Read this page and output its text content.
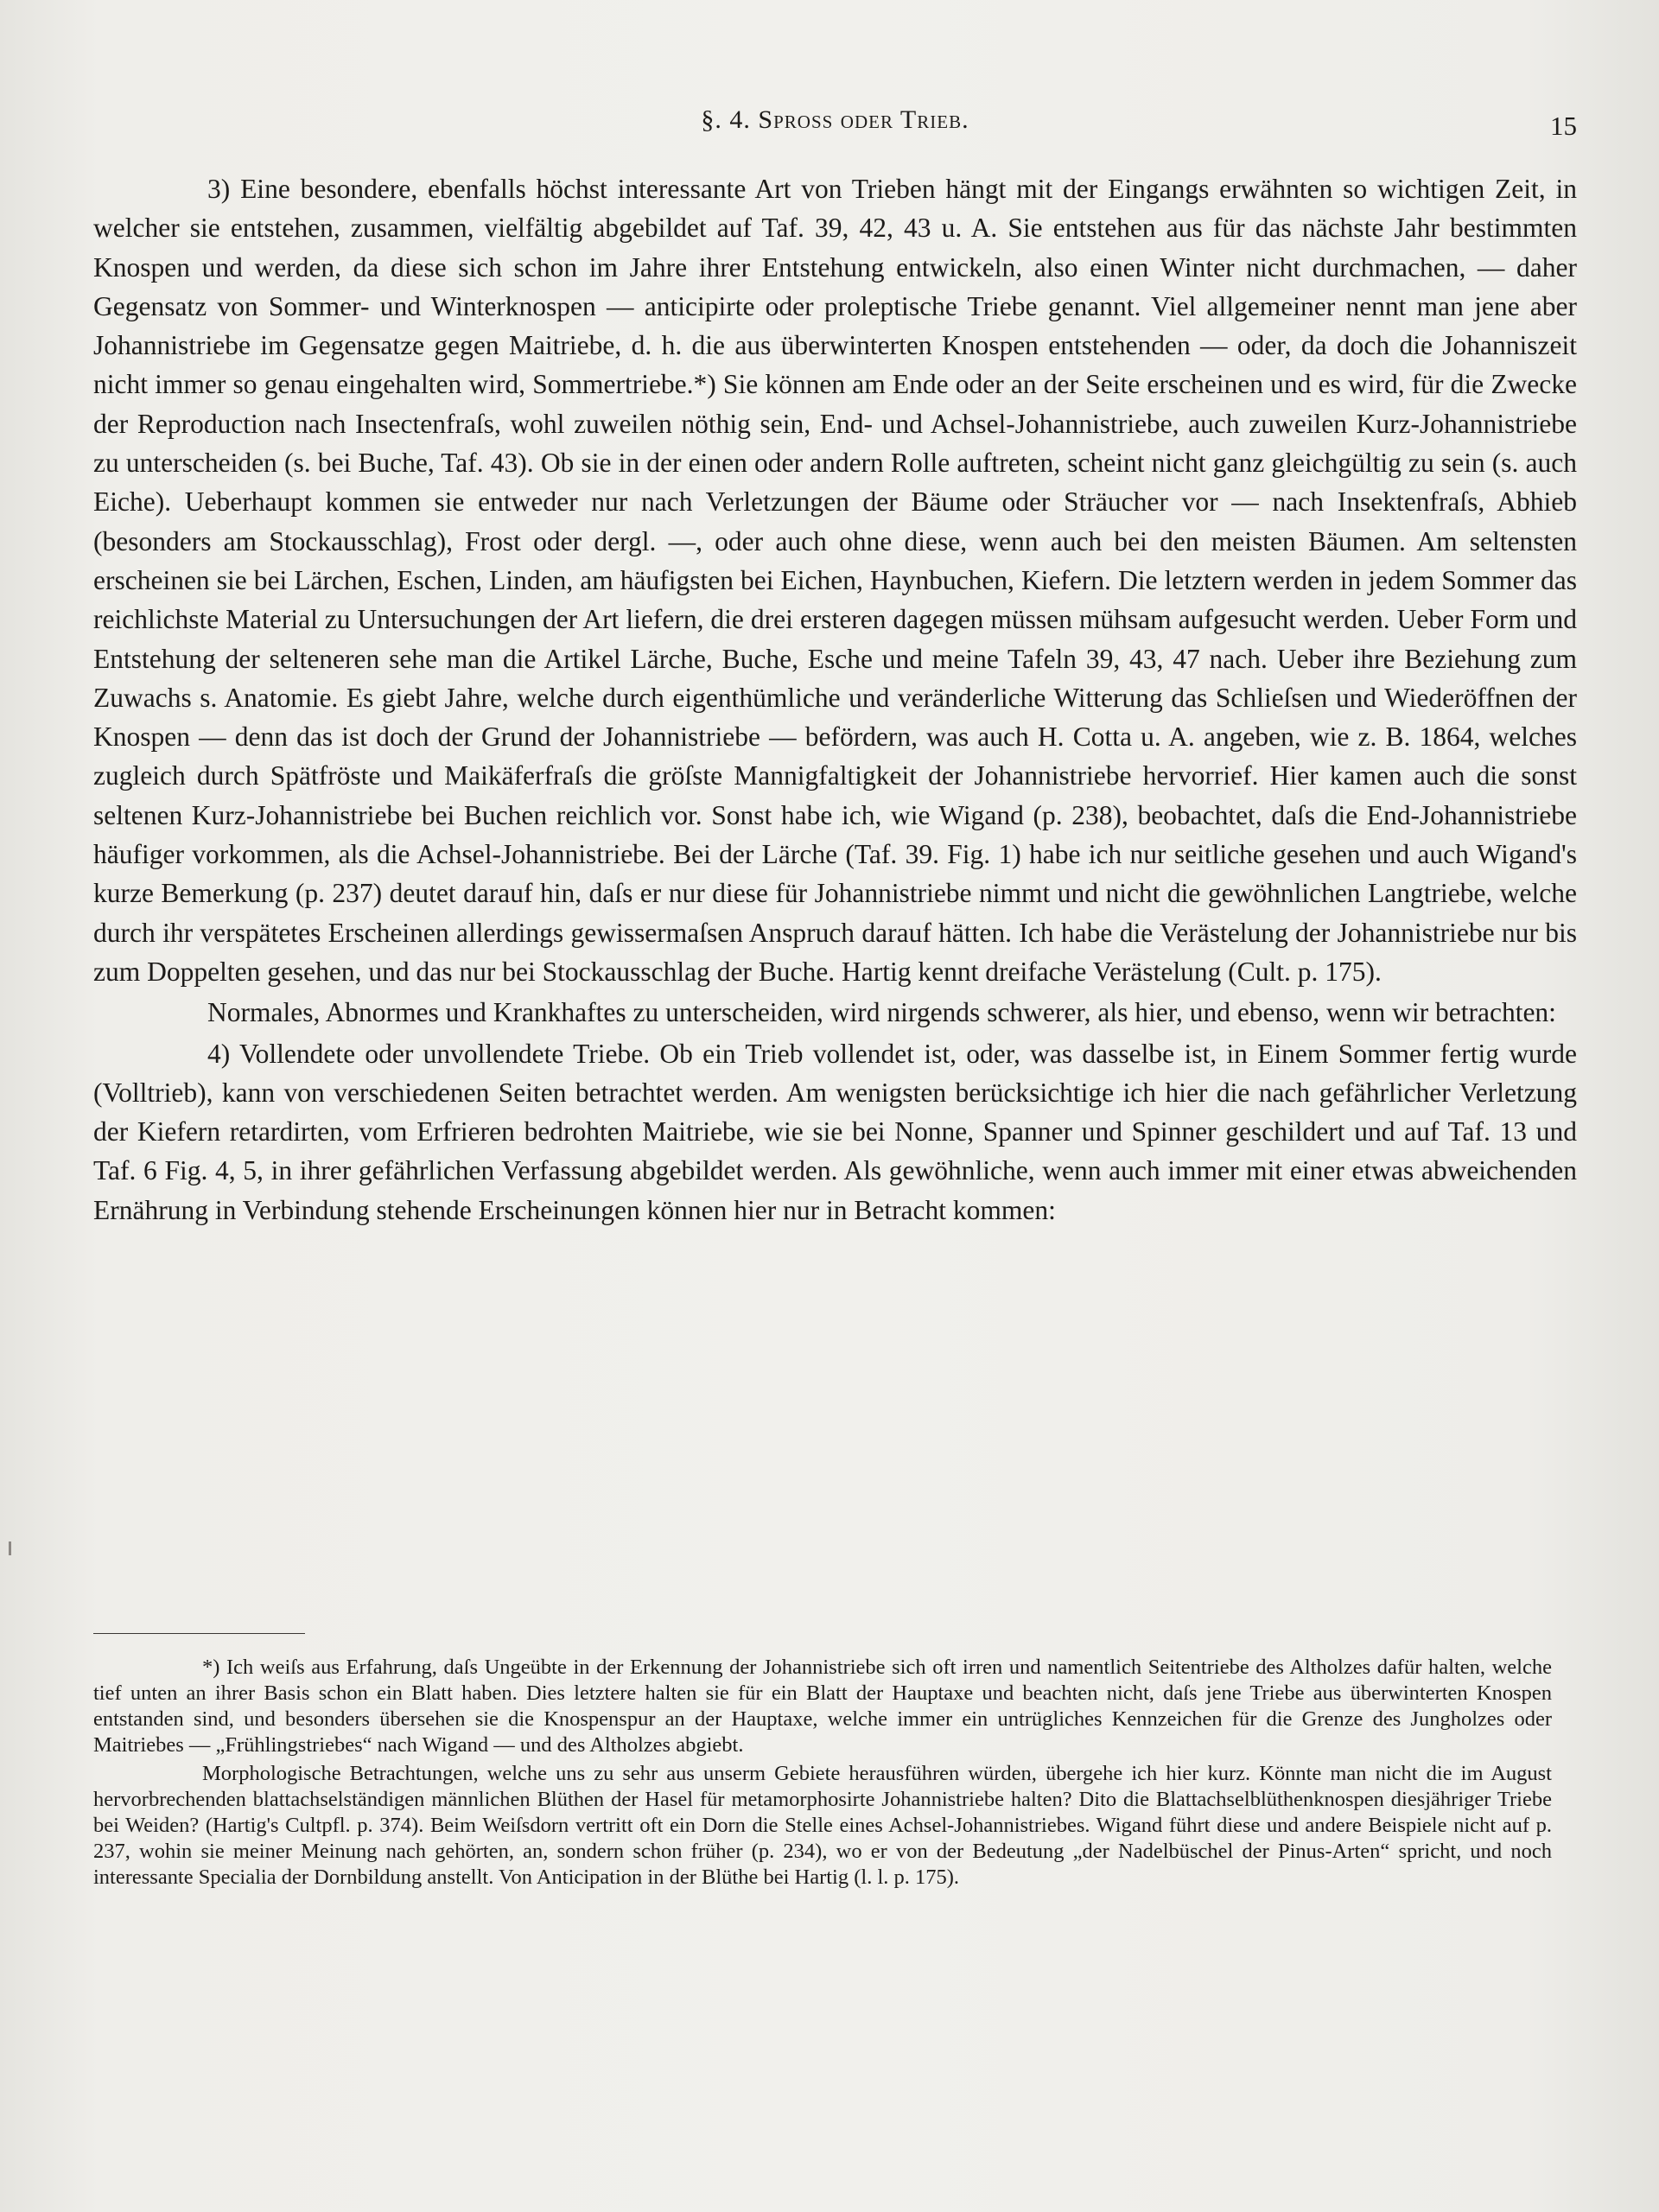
§. 4. Spross oder Trieb.	15

3) Eine besondere, ebenfalls höchst interessante Art von Trieben hängt mit der Eingangs erwähnten so wichtigen Zeit, in welcher sie entstehen, zusammen, vielfältig abgebildet auf Taf. 39, 42, 43 u. A. Sie entstehen aus für das nächste Jahr bestimmten Knospen und werden, da diese sich schon im Jahre ihrer Entstehung entwickeln, also einen Winter nicht durchmachen, — daher Gegensatz von Sommer- und Winterknospen — anticipirte oder proleptische Triebe genannt. Viel allgemeiner nennt man jene aber Johannistriebe im Gegensatze gegen Maitriebe, d. h. die aus überwinterten Knospen entstehenden — oder, da doch die Johanniszeit nicht immer so genau eingehalten wird, Sommertriebe.*) Sie können am Ende oder an der Seite erscheinen und es wird, für die Zwecke der Reproduction nach Insectenfraſs, wohl zuweilen nöthig sein, End- und Achsel-Johannistriebe, auch zuweilen Kurz-Johannistriebe zu unterscheiden (s. bei Buche, Taf. 43). Ob sie in der einen oder andern Rolle auftreten, scheint nicht ganz gleichgültig zu sein (s. auch Eiche). Ueberhaupt kommen sie entweder nur nach Verletzungen der Bäume oder Sträucher vor — nach Insektenfraſs, Abhieb (besonders am Stockausschlag), Frost oder dergl. —, oder auch ohne diese, wenn auch bei den meisten Bäumen. Am seltensten erscheinen sie bei Lärchen, Eschen, Linden, am häufigsten bei Eichen, Haynbuchen, Kiefern. Die letztern werden in jedem Sommer das reichlichste Material zu Untersuchungen der Art liefern, die drei ersteren dagegen müssen mühsam aufgesucht werden. Ueber Form und Entstehung der selteneren sehe man die Artikel Lärche, Buche, Esche und meine Tafeln 39, 43, 47 nach. Ueber ihre Beziehung zum Zuwachs s. Anatomie. Es giebt Jahre, welche durch eigenthümliche und veränderliche Witterung das Schlieſsen und Wiederöffnen der Knospen — denn das ist doch der Grund der Johannistriebe — befördern, was auch H. Cotta u. A. angeben, wie z. B. 1864, welches zugleich durch Spätfröste und Maikäferfraſs die gröſste Mannigfaltigkeit der Johannistriebe hervorrief. Hier kamen auch die sonst seltenen Kurz-Johannistriebe bei Buchen reichlich vor. Sonst habe ich, wie Wigand (p. 238), beobachtet, daſs die End-Johannistriebe häufiger vorkommen, als die Achsel-Johannistriebe. Bei der Lärche (Taf. 39. Fig. 1) habe ich nur seitliche gesehen und auch Wigand's kurze Bemerkung (p. 237) deutet darauf hin, daſs er nur diese für Johannistriebe nimmt und nicht die gewöhnlichen Langtriebe, welche durch ihr verspätetes Erscheinen allerdings gewissermaſsen Anspruch darauf hätten. Ich habe die Verästelung der Johannistriebe nur bis zum Doppelten gesehen, und das nur bei Stockausschlag der Buche. Hartig kennt dreifache Verästelung (Cult. p. 175).

Normales, Abnormes und Krankhaftes zu unterscheiden, wird nirgends schwerer, als hier, und ebenso, wenn wir betrachten:

4) Vollendete oder unvollendete Triebe. Ob ein Trieb vollendet ist, oder, was dasselbe ist, in Einem Sommer fertig wurde (Volltrieb), kann von verschiedenen Seiten betrachtet werden. Am wenigsten berücksichtige ich hier die nach gefährlicher Verletzung der Kiefern retardirten, vom Erfrieren bedrohten Maitriebe, wie sie bei Nonne, Spanner und Spinner geschildert und auf Taf. 13 und Taf. 6 Fig. 4, 5, in ihrer gefährlichen Verfassung abgebildet werden. Als gewöhnliche, wenn auch immer mit einer etwas abweichenden Ernährung in Verbindung stehende Erscheinungen können hier nur in Betracht kommen:

*) Ich weiſs aus Erfahrung, daſs Ungeübte in der Erkennung der Johannistriebe sich oft irren und namentlich Seitentriebe des Altholzes dafür halten, welche tief unten an ihrer Basis schon ein Blatt haben. Dies letztere halten sie für ein Blatt der Hauptaxe und beachten nicht, daſs jene Triebe aus überwinterten Knospen entstanden sind, und besonders übersehen sie die Knospenspur an der Hauptaxe, welche immer ein untrügliches Kennzeichen für die Grenze des Jungholzes oder Maitriebes — „Frühlingstriebes“ nach Wigand — und des Altholzes abgiebt.

Morphologische Betrachtungen, welche uns zu sehr aus unserm Gebiete herausführen würden, übergehe ich hier kurz. Könnte man nicht die im August hervorbrechenden blattachselständigen männlichen Blüthen der Hasel für metamorphosirte Johannistriebe halten? Dito die Blattachselblüthenknospen diesjähriger Triebe bei Weiden? (Hartig's Cultpfl. p. 374). Beim Weiſsdorn vertritt oft ein Dorn die Stelle eines Achsel-Johannistriebes. Wigand führt diese und andere Beispiele nicht auf p. 237, wohin sie meiner Meinung nach gehörten, an, sondern schon früher (p. 234), wo er von der Bedeutung „der Nadelbüschel der Pinus-Arten“ spricht, und noch interessante Specialia der Dornbildung anstellt. Von Anticipation in der Blüthe bei Hartig (l. l. p. 175).
